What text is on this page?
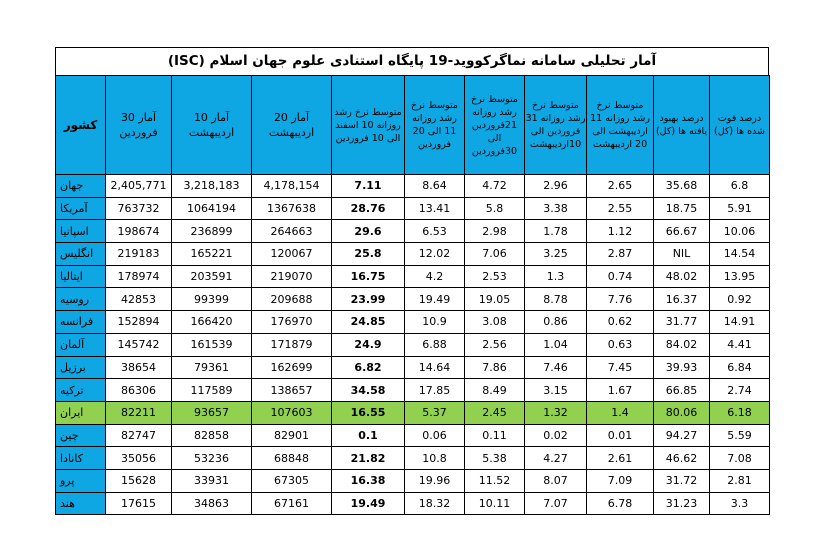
آمار تحلیلی سامانه نماگرکووید-19 پایگاه استنادی علوم جهان اسلام (ISC)
کشور	آمار 30 فروردین	آمار 10 اردیبهشت	آمار 20 اردیبهشت	متوسط نرخ رشد روزانه 10 اسفند الی 10 فروردین	متوسط نرخ رشد روزانه 11 الی 20 فروردین	متوسط نرخ رشد روزانه 21فروردین الی 30فروردین	متوسط نرخ رشد روزانه 31 فروردین الی 10اردیبهشت	متوسط نرخ رشد روزانه 11 اردیبهشت الی 20 اردیبهشت	درصد بهبود یافته ها (کل)	درصد فوت شده ها (کل)
جهان	2,405,771	3,218,183	4,178,154	7.11	8.64	4.72	2.96	2.65	35.68	6.8
آمریکا	763732	1064194	1367638	28.76	13.41	5.8	3.38	2.55	18.75	5.91
اسپانیا	198674	236899	264663	29.6	6.53	2.98	1.78	1.12	66.67	10.06
انگلیس	219183	165221	120067	25.8	12.02	7.06	3.25	2.87	NIL	14.54
ایتالیا	178974	203591	219070	16.75	4.2	2.53	1.3	0.74	48.02	13.95
روسیه	42853	99399	209688	23.99	19.49	19.05	8.78	7.76	16.37	0.92
فرانسه	152894	166420	176970	24.85	10.9	3.08	0.86	0.62	31.77	14.91
آلمان	145742	161539	171879	24.9	6.88	2.56	1.04	0.63	84.02	4.41
برزیل	38654	79361	162699	6.82	14.64	7.86	7.46	7.45	39.93	6.84
ترکیه	86306	117589	138657	34.58	17.85	8.49	3.15	1.67	66.85	2.74
ایران	82211	93657	107603	16.55	5.37	2.45	1.32	1.4	80.06	6.18
چین	82747	82858	82901	0.1	0.06	0.11	0.02	0.01	94.27	5.59
کانادا	35056	53236	68848	21.82	10.8	5.38	4.27	2.61	46.62	7.08
پرو	15628	33931	67305	16.38	19.96	11.52	8.07	7.09	31.72	2.81
هند	17615	34863	67161	19.49	18.32	10.11	7.07	6.78	31.23	3.3
